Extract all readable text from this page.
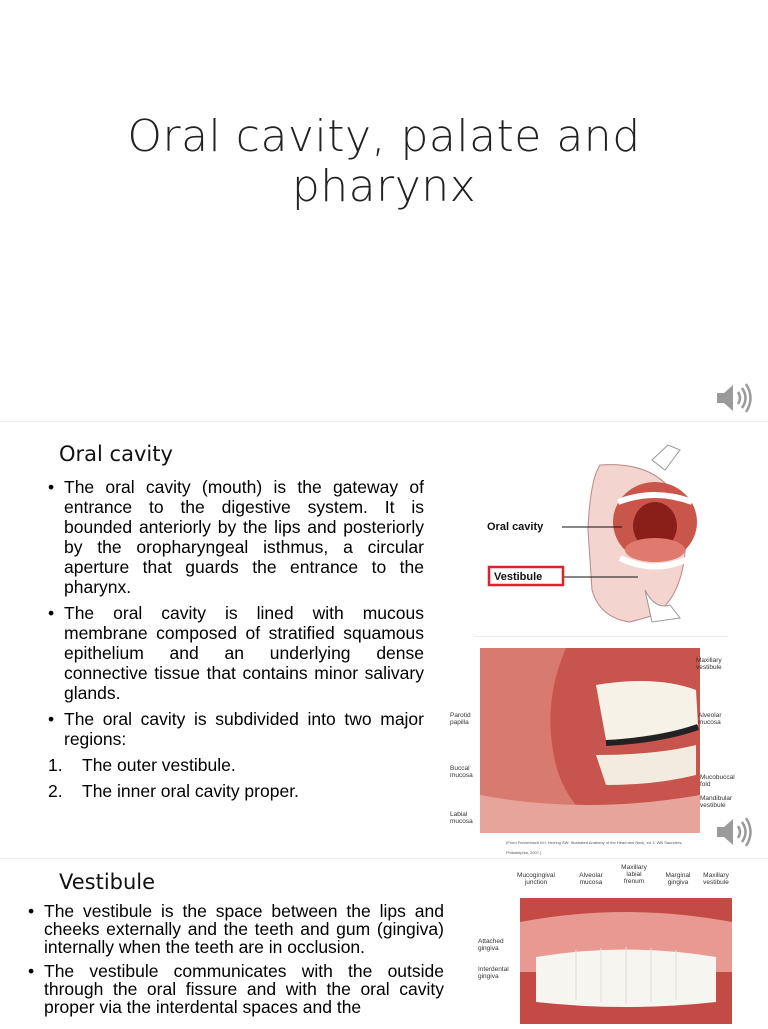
Oral cavity, palate and
pharynx
Oral cavity
• The oral cavity (mouth) is the gateway of entrance to the digestive system. It is bounded anteriorly by the lips and posteriorly by the oropharyngeal isthmus, a circular aperture that guards the entrance to the pharynx.
• The oral cavity is lined with mucous membrane composed of stratified squamous epithelium and an underlying dense connective tissue that contains minor salivary glands.
• The oral cavity is subdivided into two major regions:
1. The outer vestibule.
2. The inner oral cavity proper.
Oral cavity
Vestibule
Maxillary vestibule
Alveolar mucosa
Parotid papilla
Buccal mucosa	Mucobuccal fold
Mandibular vestibule
Labial mucosa
(From Fehrenbach MJ, Herring SW: Illustrated Anatomy of the Head and Neck, ed 3, WB Saunders, Philadelphia, 2007.)
Vestibule
• The vestibule is the space between the lips and cheeks externally and the teeth and gum (gingiva) internally when the teeth are in occlusion.
• The vestibule communicates with the outside through the oral fissure and with the oral cavity proper via the interdental spaces and the
Mucogingival junction
Alveolar mucosa
Maxillary labial frenum
Marginal gingiva
Maxillary vestibule
Attached gingiva
Interdental gingiva
